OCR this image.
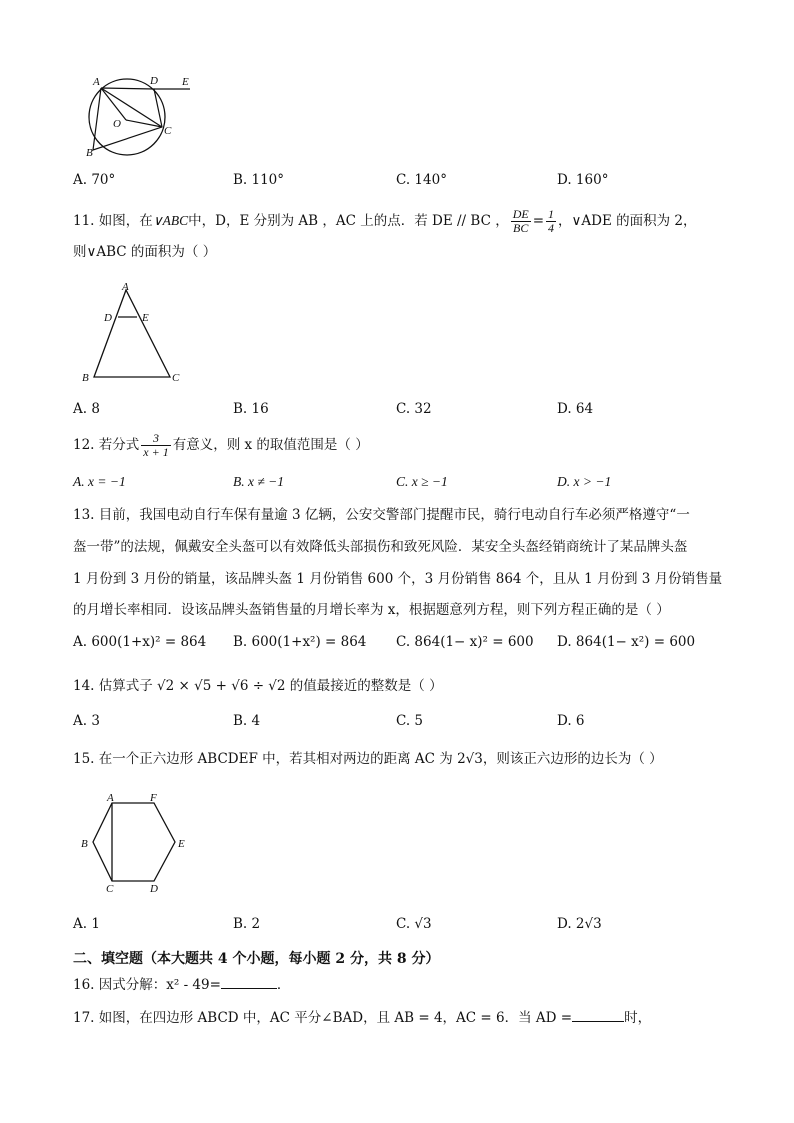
A	D E
O
C
B
A. 70°	B. 110°	C. 140°	D. 160°
11. 如图，在∨ABC中，D，E 分别为 AB ，AC 上的点．若 DE // BC ， $\frac{DE}{BC} = \frac{1}{4}$ ，∨ADE 的面积为 2，
则∨ABC 的面积为（ ）
A
D	E
B	C
A. 8	B. 16	C. 32	D. 64
12. 若分式 $\frac{3}{x + 1}$ 有意义，则 x 的取值范围是（ ）
A. x = −1	B. x ≠ −1	C. x ≥ −1	D. x > −1
13. 目前，我国电动自行车保有量逾 3 亿辆，公安交警部门提醒市民，骑行电动自行车必须严格遵守“一
盔一带”的法规，佩戴安全头盔可以有效降低头部损伤和致死风险．某安全头盔经销商统计了某品牌头盔
1 月份到 3 月份的销量，该品牌头盔 1 月份销售 600 个，3 月份销售 864 个，且从 1 月份到 3 月份销售量
的月增长率相同．设该品牌头盔销售量的月增长率为 x，根据题意列方程，则下列方程正确的是（ ）
A. 600(1+x)² = 864 B. 600(1+x²) = 864 C. 864(1− x)² = 600 D. 864(1− x²) = 600
14. 估算式子 √2 × √5 + √6 ÷ √2 的值最接近的整数是（ ）
A. 3	B. 4	C. 5	D. 6
15. 在一个正六边形 ABCDEF 中，若其相对两边的距离 AC 为 2√3，则该正六边形的边长为（ ）
A	F
B	E
C	D
A. 1	B. 2	C. √3	D. 2√3
二、填空题（本大题共 4 个小题，每小题 2 分，共 8 分）
16. 因式分解：x² - 49=	．
17. 如图，在四边形 ABCD 中，AC 平分∠BAD，且 AB = 4，AC = 6．当 AD =	时，
